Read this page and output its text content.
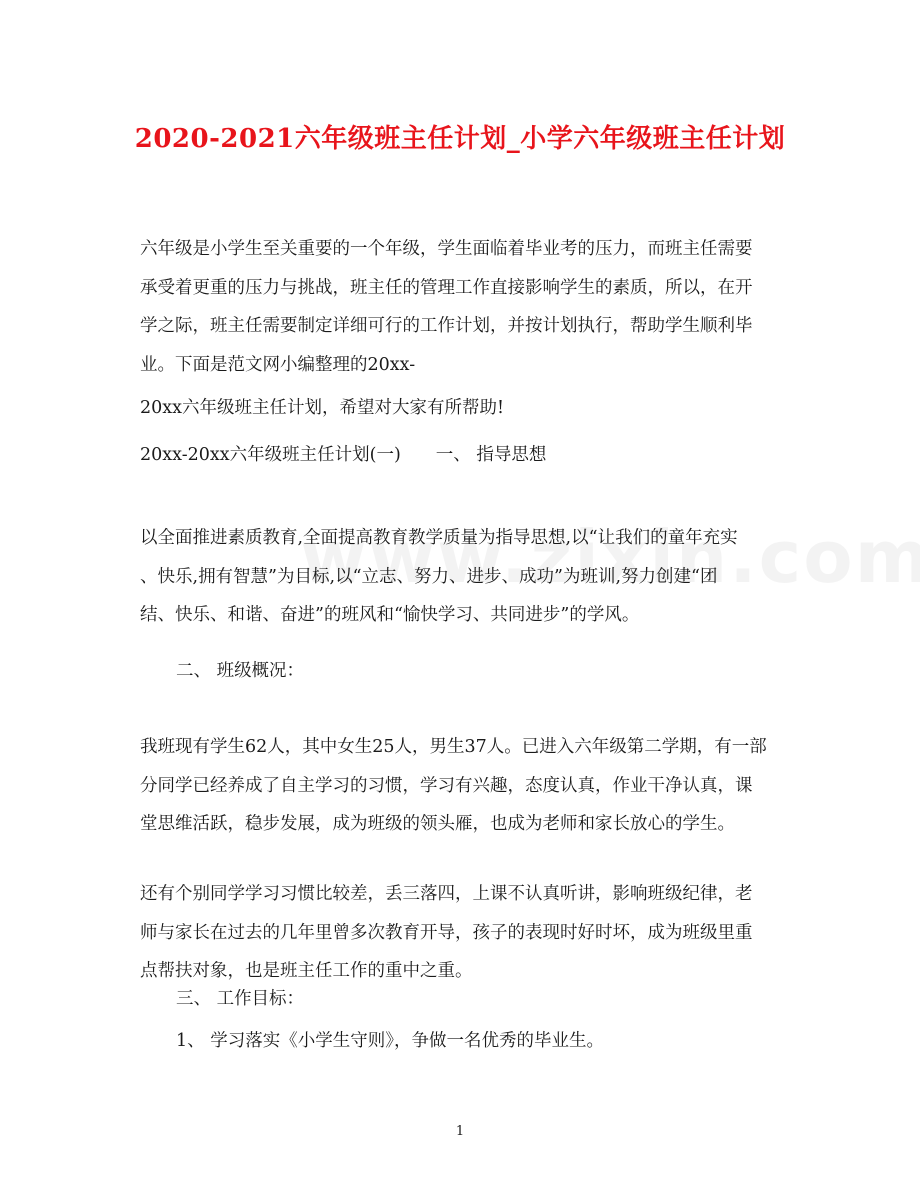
2020-2021六年级班主任计划_小学六年级班主任计划
六年级是小学生至关重要的一个年级，学生面临着毕业考的压力，而班主任需要
承受着更重的压力与挑战，班主任的管理工作直接影响学生的素质，所以，在开
学之际，班主任需要制定详细可行的工作计划，并按计划执行，帮助学生顺利毕
业。下面是范文网小编整理的20xx-
20xx六年级班主任计划，希望对大家有所帮助!
20xx-20xx六年级班主任计划(一)　　一、 指导思想
以全面推进素质教育,全面提高教育教学质量为指导思想,以“让我们的童年充实
、快乐,拥有智慧”为目标,以“立志、努力、进步、成功”为班训,努力创建“团
结、快乐、和谐、奋进”的班风和“愉快学习、共同进步”的学风。
二、 班级概况：
我班现有学生62人，其中女生25人，男生37人。已进入六年级第二学期，有一部
分同学已经养成了自主学习的习惯，学习有兴趣，态度认真，作业干净认真，课
堂思维活跃，稳步发展，成为班级的领头雁，也成为老师和家长放心的学生。
还有个别同学学习习惯比较差，丢三落四，上课不认真听讲，影响班级纪律，老
师与家长在过去的几年里曾多次教育开导，孩子的表现时好时坏，成为班级里重
点帮扶对象，也是班主任工作的重中之重。
三、 工作目标：
1、 学习落实《小学生守则》，争做一名优秀的毕业生。
1
